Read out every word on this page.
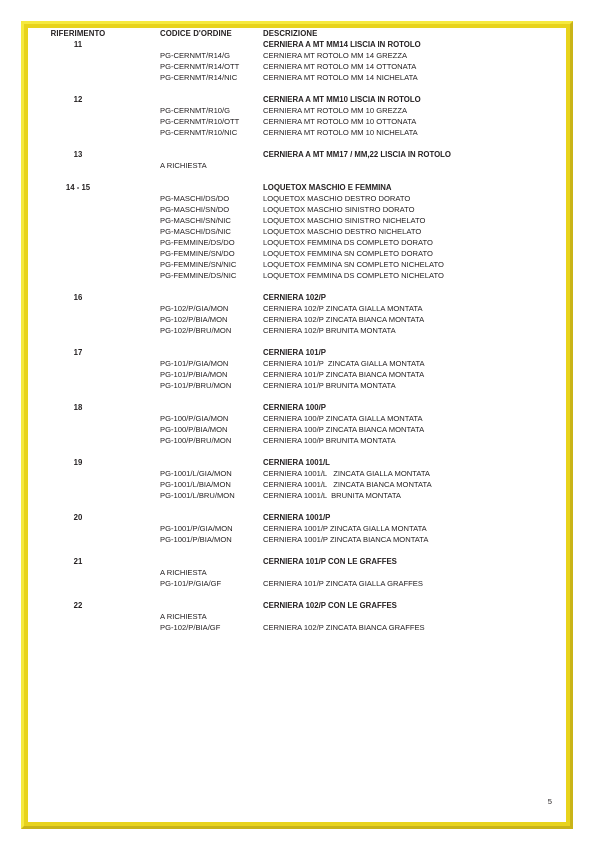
RIFERIMENTO	CODICE D'ORDINE	DESCRIZIONE
11		CERNIERA A MT MM14 LISCIA IN ROTOLO
	PG-CERNMT/R14/G	CERNIERA MT ROTOLO MM 14 GREZZA
	PG-CERNMT/R14/OTT	CERNIERA MT ROTOLO MM 14 OTTONATA
	PG-CERNMT/R14/NIC	CERNIERA MT ROTOLO MM 14 NICHELATA

12		CERNIERA A MT MM10 LISCIA IN ROTOLO
	PG-CERNMT/R10/G	CERNIERA MT ROTOLO MM 10 GREZZA
	PG-CERNMT/R10/OTT	CERNIERA MT ROTOLO MM 10 OTTONATA
	PG-CERNMT/R10/NIC	CERNIERA MT ROTOLO MM 10 NICHELATA

13		CERNIERA A MT MM17 / MM,22 LISCIA IN ROTOLO
	A RICHIESTA	

14 - 15		LOQUETOX MASCHIO E FEMMINA
	PG-MASCHI/DS/DO	LOQUETOX MASCHIO DESTRO DORATO
	PG-MASCHI/SN/DO	LOQUETOX MASCHIO SINISTRO DORATO
	PG-MASCHI/SN/NIC	LOQUETOX MASCHIO SINISTRO NICHELATO
	PG-MASCHI/DS/NIC	LOQUETOX MASCHIO DESTRO NICHELATO
	PG-FEMMINE/DS/DO	LOQUETOX FEMMINA DS COMPLETO DORATO
	PG-FEMMINE/SN/DO	LOQUETOX FEMMINA SN COMPLETO DORATO
	PG-FEMMINE/SN/NIC	LOQUETOX FEMMINA SN COMPLETO NICHELATO
	PG-FEMMINE/DS/NIC	LOQUETOX FEMMINA DS COMPLETO NICHELATO

16		CERNIERA 102/P
	PG-102/P/GIA/MON	CERNIERA 102/P ZINCATA GIALLA MONTATA
	PG-102/P/BIA/MON	CERNIERA 102/P ZINCATA BIANCA MONTATA
	PG-102/P/BRU/MON	CERNIERA 102/P BRUNITA MONTATA

17		CERNIERA 101/P
	PG-101/P/GIA/MON	CERNIERA 101/P  ZINCATA GIALLA MONTATA
	PG-101/P/BIA/MON	CERNIERA 101/P ZINCATA BIANCA MONTATA
	PG-101/P/BRU/MON	CERNIERA 101/P BRUNITA MONTATA

18		CERNIERA 100/P
	PG-100/P/GIA/MON	CERNIERA 100/P ZINCATA GIALLA MONTATA
	PG-100/P/BIA/MON	CERNIERA 100/P ZINCATA BIANCA MONTATA
	PG-100/P/BRU/MON	CERNIERA 100/P BRUNITA MONTATA

19		CERNIERA 1001/L
	PG-1001/L/GIA/MON	CERNIERA 1001/L   ZINCATA GIALLA MONTATA
	PG-1001/L/BIA/MON	CERNIERA 1001/L   ZINCATA BIANCA MONTATA
	PG-1001/L/BRU/MON	CERNIERA 1001/L  BRUNITA MONTATA

20		CERNIERA 1001/P
	PG-1001/P/GIA/MON	CERNIERA 1001/P ZINCATA GIALLA MONTATA
	PG-1001/P/BIA/MON	CERNIERA 1001/P ZINCATA BIANCA MONTATA

21		CERNIERA 101/P CON LE GRAFFES
	A RICHIESTA	
	PG-101/P/GIA/GF	CERNIERA 101/P ZINCATA GIALLA GRAFFES

22		CERNIERA 102/P CON LE GRAFFES
	A RICHIESTA	
	PG-102/P/BIA/GF	CERNIERA 102/P ZINCATA BIANCA GRAFFES
5
